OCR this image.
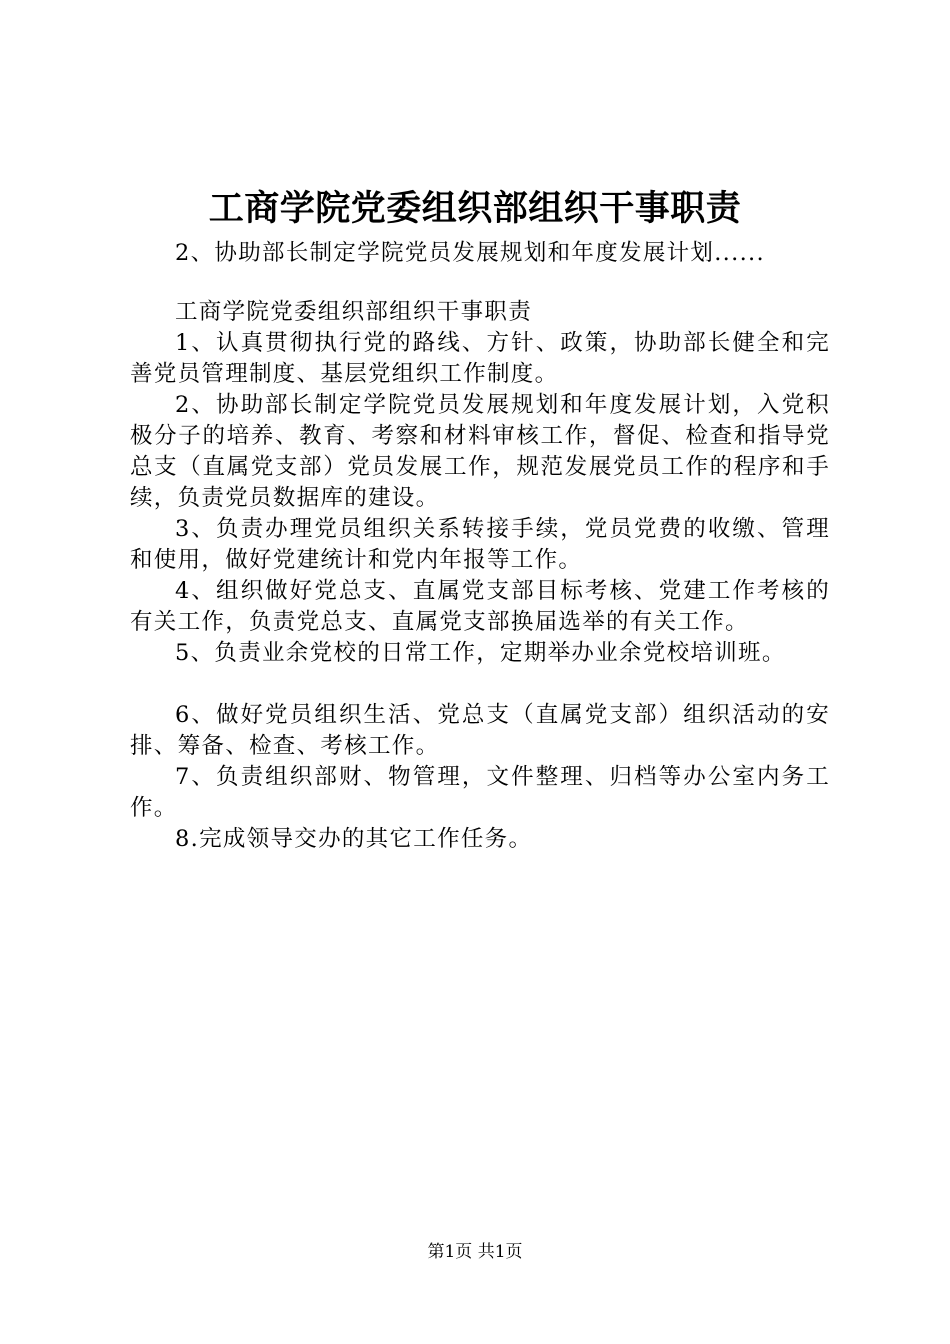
工商学院党委组织部组织干事职责

2、协助部长制定学院党员发展规划和年度发展计划......

工商学院党委组织部组织干事职责

1、认真贯彻执行党的路线、方针、政策，协助部长健全和完善党员管理制度、基层党组织工作制度。

2、协助部长制定学院党员发展规划和年度发展计划，入党积极分子的培养、教育、考察和材料审核工作，督促、检查和指导党总支（直属党支部）党员发展工作，规范发展党员工作的程序和手续，负责党员数据库的建设。

3、负责办理党员组织关系转接手续，党员党费的收缴、管理和使用，做好党建统计和党内年报等工作。

4、组织做好党总支、直属党支部目标考核、党建工作考核的有关工作，负责党总支、直属党支部换届选举的有关工作。

5、负责业余党校的日常工作，定期举办业余党校培训班。

6、做好党员组织生活、党总支（直属党支部）组织活动的安排、筹备、检查、考核工作。

7、负责组织部财、物管理，文件整理、归档等办公室内务工作。

8.完成领导交办的其它工作任务。

第1页 共1页
